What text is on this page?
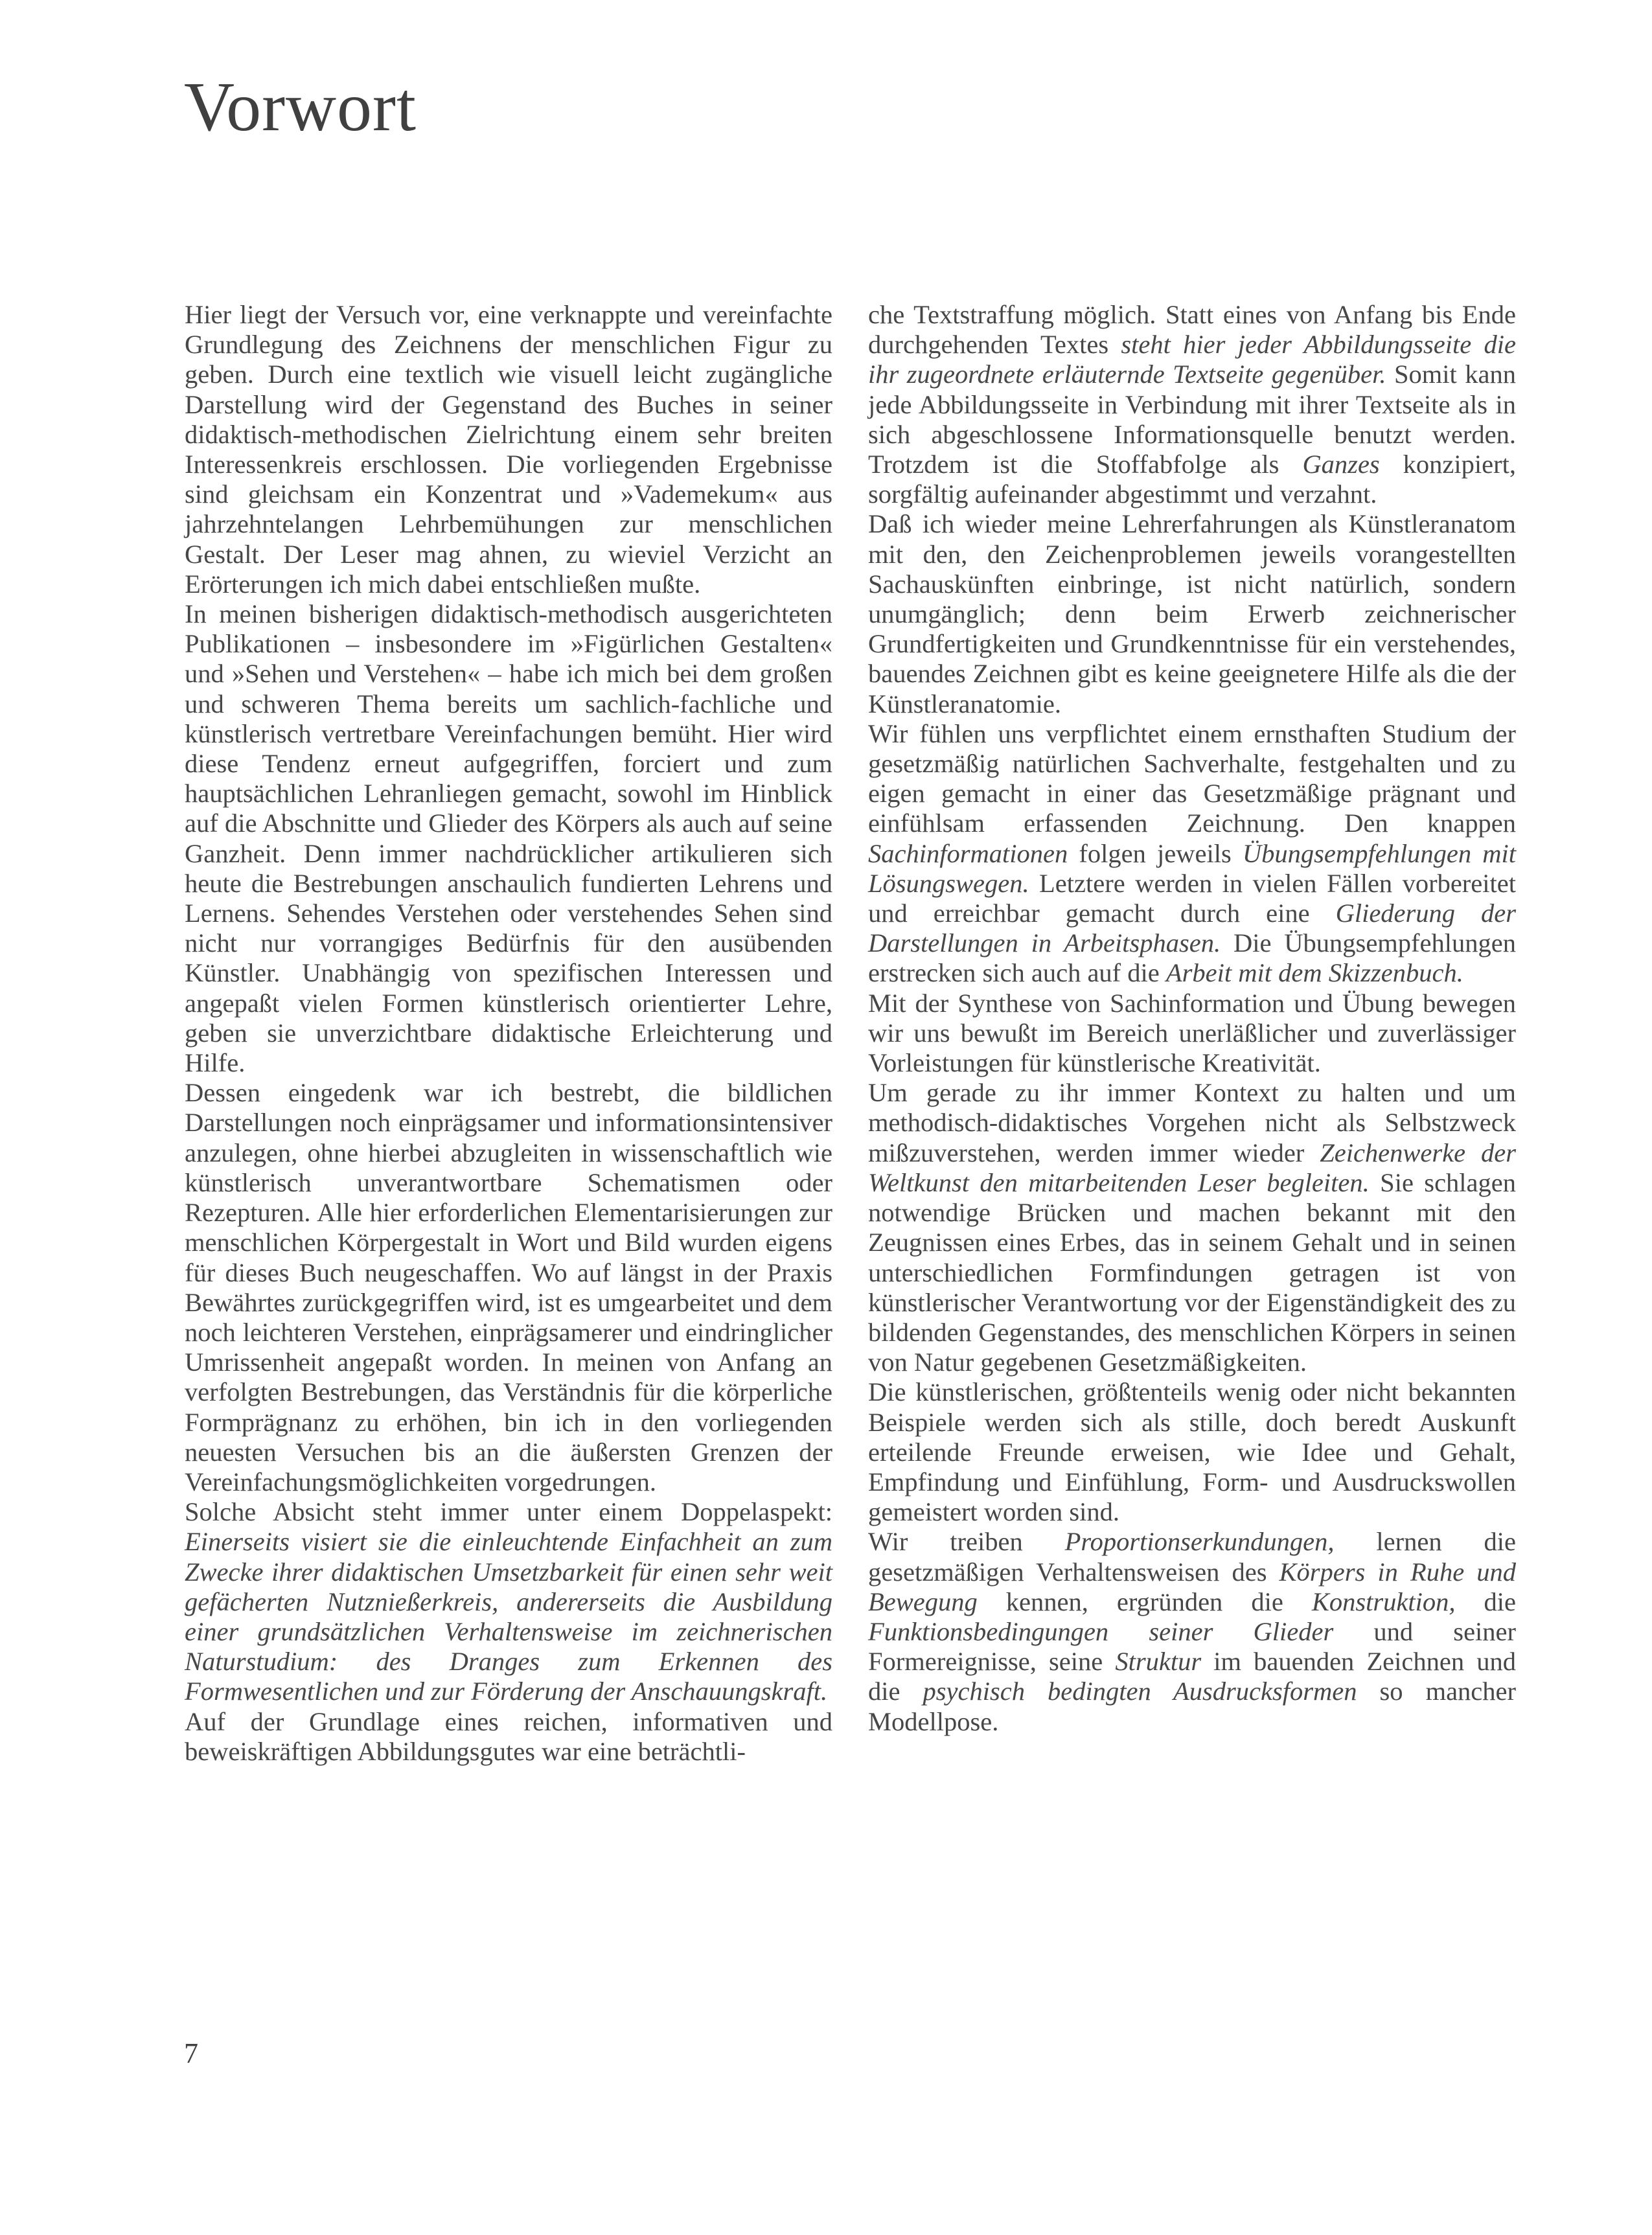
Vorwort

Hier liegt der Versuch vor, eine verknappte und vereinfachte Grundlegung des Zeichnens der menschlichen Figur zu geben. Durch eine textlich wie visuell leicht zugängliche Darstellung wird der Gegenstand des Buches in seiner didaktisch-methodischen Zielrichtung einem sehr breiten Interessenkreis erschlossen. Die vorliegenden Ergebnisse sind gleichsam ein Konzentrat und »Vademekum« aus jahrzehntelangen Lehrbemühungen zur menschlichen Gestalt. Der Leser mag ahnen, zu wieviel Verzicht an Erörterungen ich mich dabei entschließen mußte.

In meinen bisherigen didaktisch-methodisch ausgerichteten Publikationen – insbesondere im »Figürlichen Gestalten« und »Sehen und Verstehen« – habe ich mich bei dem großen und schweren Thema bereits um sachlich-fachliche und künstlerisch vertretbare Vereinfachungen bemüht. Hier wird diese Tendenz erneut aufgegriffen, forciert und zum hauptsächlichen Lehranliegen gemacht, sowohl im Hinblick auf die Abschnitte und Glieder des Körpers als auch auf seine Ganzheit. Denn immer nachdrücklicher artikulieren sich heute die Bestrebungen anschaulich fundierten Lehrens und Lernens. Sehendes Verstehen oder verstehendes Sehen sind nicht nur vorrangiges Bedürfnis für den ausübenden Künstler. Unabhängig von spezifischen Interessen und angepaßt vielen Formen künstlerisch orientierter Lehre, geben sie unverzichtbare didaktische Erleichterung und Hilfe.

Dessen eingedenk war ich bestrebt, die bildlichen Darstellungen noch einprägsamer und informationsintensiver anzulegen, ohne hierbei abzugleiten in wissenschaftlich wie künstlerisch unverantwortbare Schematismen oder Rezepturen. Alle hier erforderlichen Elementarisierungen zur menschlichen Körpergestalt in Wort und Bild wurden eigens für dieses Buch neugeschaffen. Wo auf längst in der Praxis Bewährtes zurückgegriffen wird, ist es umgearbeitet und dem noch leichteren Verstehen, einprägsamerer und eindringlicher Umrissenheit angepaßt worden. In meinen von Anfang an verfolgten Bestrebungen, das Verständnis für die körperliche Formprägnanz zu erhöhen, bin ich in den vorliegenden neuesten Versuchen bis an die äußersten Grenzen der Vereinfachungsmöglichkeiten vorgedrungen.

Solche Absicht steht immer unter einem Doppelaspekt: Einerseits visiert sie die einleuchtende Einfachheit an zum Zwecke ihrer didaktischen Umsetzbarkeit für einen sehr weit gefächerten Nutznießerkreis, andererseits die Ausbildung einer grundsätzlichen Verhaltensweise im zeichnerischen Naturstudium: des Dranges zum Erkennen des Formwesentlichen und zur Förderung der Anschauungskraft.

Auf der Grundlage eines reichen, informativen und beweiskräftigen Abbildungsgutes war eine beträchtli-

che Textstraffung möglich. Statt eines von Anfang bis Ende durchgehenden Textes steht hier jeder Abbildungsseite die ihr zugeordnete erläuternde Textseite gegenüber. Somit kann jede Abbildungsseite in Verbindung mit ihrer Textseite als in sich abgeschlossene Informationsquelle benutzt werden. Trotzdem ist die Stoffabfolge als Ganzes konzipiert, sorgfältig aufeinander abgestimmt und verzahnt.

Daß ich wieder meine Lehrerfahrungen als Künstleranatom mit den, den Zeichenproblemen jeweils vorangestellten Sachauskünften einbringe, ist nicht natürlich, sondern unumgänglich; denn beim Erwerb zeichnerischer Grundfertigkeiten und Grundkenntnisse für ein verstehendes, bauendes Zeichnen gibt es keine geeignetere Hilfe als die der Künstleranatomie.

Wir fühlen uns verpflichtet einem ernsthaften Studium der gesetzmäßig natürlichen Sachverhalte, festgehalten und zu eigen gemacht in einer das Gesetzmäßige prägnant und einfühlsam erfassenden Zeichnung. Den knappen Sachinformationen folgen jeweils Übungsempfehlungen mit Lösungswegen. Letztere werden in vielen Fällen vorbereitet und erreichbar gemacht durch eine Gliederung der Darstellungen in Arbeitsphasen. Die Übungsempfehlungen erstrecken sich auch auf die Arbeit mit dem Skizzenbuch.

Mit der Synthese von Sachinformation und Übung bewegen wir uns bewußt im Bereich unerläßlicher und zuverlässiger Vorleistungen für künstlerische Kreativität.

Um gerade zu ihr immer Kontext zu halten und um methodisch-didaktisches Vorgehen nicht als Selbstzweck mißzuverstehen, werden immer wieder Zeichenwerke der Weltkunst den mitarbeitenden Leser begleiten. Sie schlagen notwendige Brücken und machen bekannt mit den Zeugnissen eines Erbes, das in seinem Gehalt und in seinen unterschiedlichen Formfindungen getragen ist von künstlerischer Verantwortung vor der Eigenständigkeit des zu bildenden Gegenstandes, des menschlichen Körpers in seinen von Natur gegebenen Gesetzmäßigkeiten.

Die künstlerischen, größtenteils wenig oder nicht bekannten Beispiele werden sich als stille, doch beredt Auskunft erteilende Freunde erweisen, wie Idee und Gehalt, Empfindung und Einfühlung, Form- und Ausdruckswollen gemeistert worden sind.

Wir treiben Proportionserkundungen, lernen die gesetzmäßigen Verhaltensweisen des Körpers in Ruhe und Bewegung kennen, ergründen die Konstruktion, die Funktionsbedingungen seiner Glieder und seiner Formereignisse, seine Struktur im bauenden Zeichnen und die psychisch bedingten Ausdrucksformen so mancher Modellpose.

7
